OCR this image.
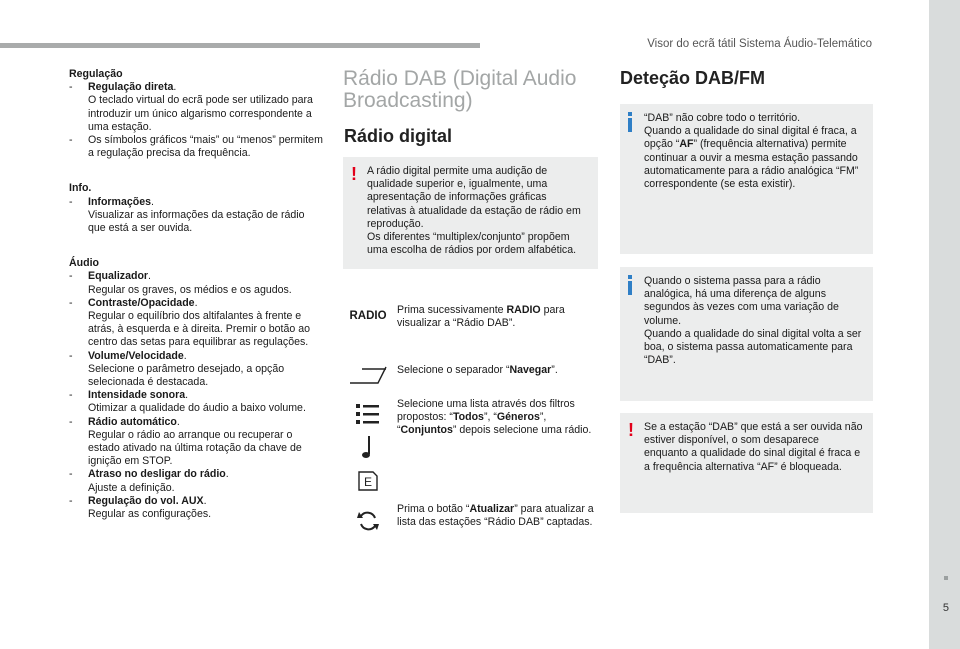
Visor do ecrã tátil Sistema Áudio-Telemático
5
Regulação
- Regulação direta.
O teclado virtual do ecrã pode ser utilizado para introduzir um único algarismo correspondente a uma estação.
- Os símbolos gráficos “mais” ou “menos” permitem a regulação precisa da frequência.
Info.
- Informações.
Visualizar as informações da estação de rádio que está a ser ouvida.
Áudio
- Equalizador.
Regular os graves, os médios e os agudos.
- Contraste/Opacidade.
Regular o equilíbrio dos altifalantes à frente e atrás, à esquerda e à direita. Premir o botão ao centro das setas para equilibrar as regulações.
- Volume/Velocidade.
Selecione o parâmetro desejado, a opção selecionada é destacada.
- Intensidade sonora.
Otimizar a qualidade do áudio a baixo volume.
- Rádio automático.
Regular o rádio ao arranque ou recuperar o estado ativado na última rotação da chave de ignição em STOP.
- Atraso no desligar do rádio.
Ajuste a definição.
- Regulação do vol. AUX.
Regular as configurações.
Rádio DAB (Digital Audio Broadcasting)
Rádio digital
! A rádio digital permite uma audição de qualidade superior e, igualmente, uma apresentação de informações gráficas relativas à atualidade da estação de rádio em reprodução.
Os diferentes “multiplex/conjunto” propõem uma escolha de rádios por ordem alfabética.
RADIO Prima sucessivamente RADIO para visualizar a “Rádio DAB”.
Selecione o separador “Navegar”.
E
Selecione uma lista através dos filtros propostos: “Todos”, “Géneros”, “Conjuntos” depois selecione uma rádio.
Prima o botão “Atualizar” para atualizar a lista das estações “Rádio DAB” captadas.
Deteção DAB/FM
“DAB” não cobre todo o território.
Quando a qualidade do sinal digital é fraca, a opção “AF” (frequência alternativa) permite continuar a ouvir a mesma estação passando automaticamente para a rádio analógica “FM” correspondente (se esta existir).
Quando o sistema passa para a rádio analógica, há uma diferença de alguns segundos às vezes com uma variação de volume.
Quando a qualidade do sinal digital volta a ser boa, o sistema passa automaticamente para “DAB”.
! Se a estação “DAB” que está a ser ouvida não estiver disponível, o som desaparece enquanto a qualidade do sinal digital é fraca e a frequência alternativa “AF” é bloqueada.
